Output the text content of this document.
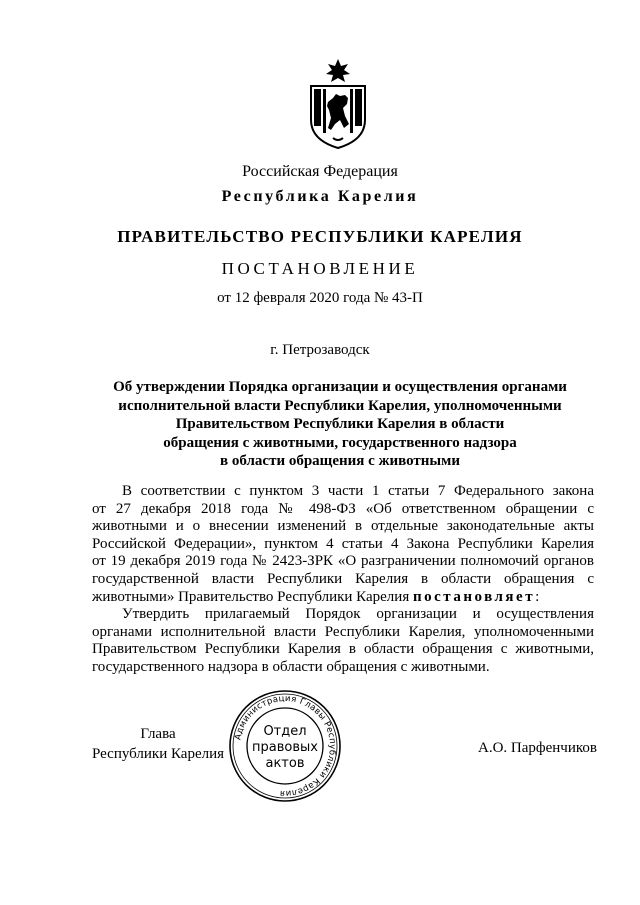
Российская Федерация
Республика Карелия
ПРАВИТЕЛЬСТВО РЕСПУБЛИКИ КАРЕЛИЯ
ПОСТАНОВЛЕНИЕ
от 12 февраля 2020 года № 43-П
г. Петрозаводск
Об утверждении Порядка организации и осуществления органами
исполнительной власти Республики Карелия, уполномоченными
Правительством Республики Карелия в области
обращения с животными, государственного надзора
в области обращения с животными
В соответствии с пунктом 3 части 1 статьи 7 Федерального закона
от 27 декабря 2018 года № 498-ФЗ «Об ответственном обращении с
животными и о внесении изменений в отдельные законодательные акты
Российской Федерации», пунктом 4 статьи 4 Закона Республики Карелия
от 19 декабря 2019 года № 2423-ЗРК «О разграничении полномочий органов
государственной власти Республики Карелия в области обращения с
животными» Правительство Республики Карелия постановляет:
Утвердить прилагаемый Порядок организации и осуществления
органами исполнительной власти Республики Карелия, уполномоченными
Правительством Республики Карелия в области обращения с животными,
государственного надзора в области обращения с животными.
Глава
Республики Карелия
Администрация Главы Республики Карелия
Отдел
правовых
актов
А.О. Парфенчиков
